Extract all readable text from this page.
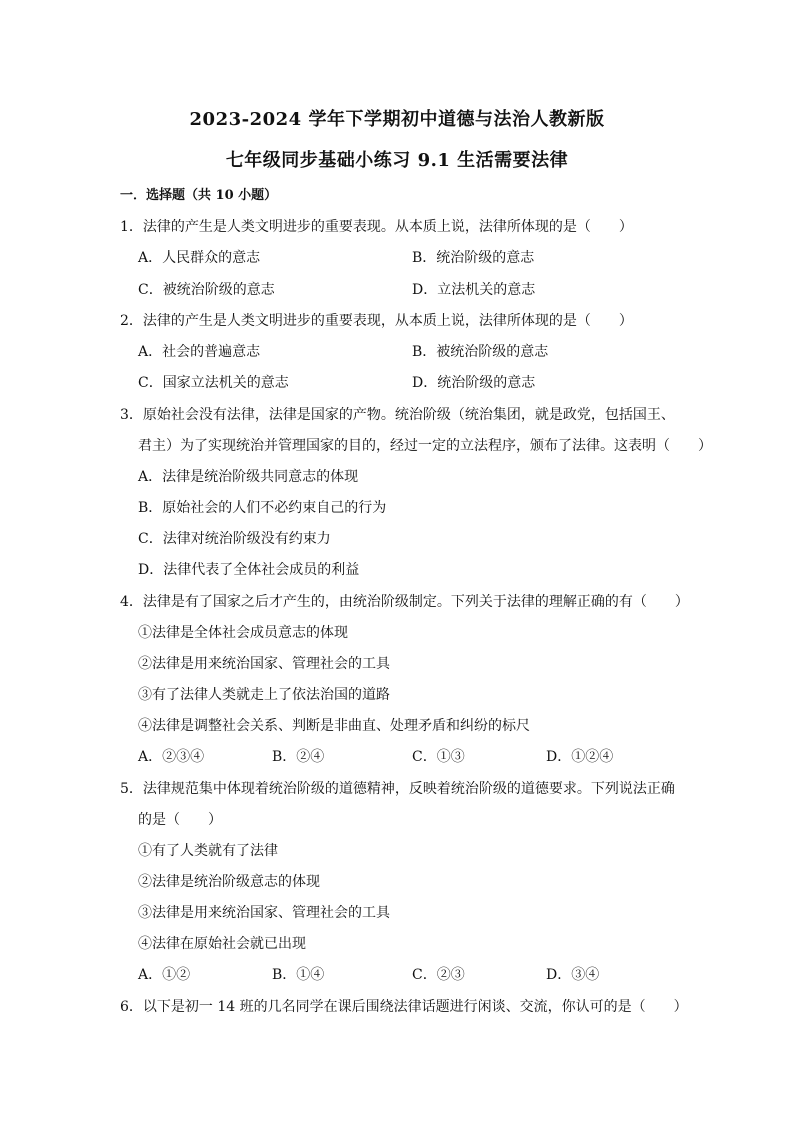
2023-2024 学年下学期初中道德与法治人教新版
七年级同步基础小练习 9.1 生活需要法律
一．选择题（共 10 小题）
1．法律的产生是人类文明进步的重要表现。从本质上说，法律所体现的是（　　）
A．人民群众的意志	B．统治阶级的意志
C．被统治阶级的意志	D．立法机关的意志
2．法律的产生是人类文明进步的重要表现，从本质上说，法律所体现的是（　　）
A．社会的普遍意志	B．被统治阶级的意志
C．国家立法机关的意志	D．统治阶级的意志
3．原始社会没有法律，法律是国家的产物。统治阶级（统治集团，就是政党，包括国王、
君主）为了实现统治并管理国家的目的，经过一定的立法程序，颁布了法律。这表明（　　）
A．法律是统治阶级共同意志的体现
B．原始社会的人们不必约束自己的行为
C．法律对统治阶级没有约束力
D．法律代表了全体社会成员的利益
4．法律是有了国家之后才产生的，由统治阶级制定。下列关于法律的理解正确的有（　　）
①法律是全体社会成员意志的体现
②法律是用来统治国家、管理社会的工具
③有了法律人类就走上了依法治国的道路
④法律是调整社会关系、判断是非曲直、处理矛盾和纠纷的标尺
A．②③④	B．②④	C．①③	D．①②④
5．法律规范集中体现着统治阶级的道德精神，反映着统治阶级的道德要求。下列说法正确
的是（　　）
①有了人类就有了法律
②法律是统治阶级意志的体现
③法律是用来统治国家、管理社会的工具
④法律在原始社会就已出现
A．①②	B．①④	C．②③	D．③④
6．以下是初一 14 班的几名同学在课后围绕法律话题进行闲谈、交流，你认可的是（　　）
